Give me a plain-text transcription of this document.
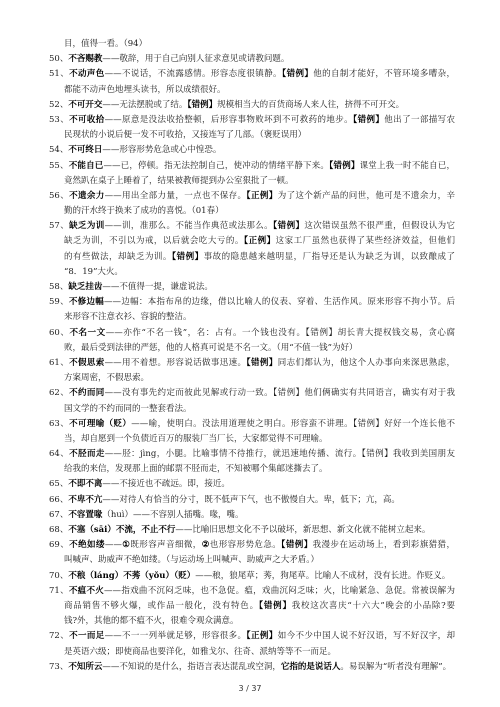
目，值得一看。（94）
50、不吝赐教——敬辞，用于自己向别人征求意见或请教问题。
51、不动声色——不说话，不流露感情。形容态度很镇静。【错例】他的自制才能好，不管环境多嘈杂，
都能不动声色地埋头读书，所以成绩很好。
52、不可开交——无法摆脱或了结。【错例】规模相当大的百货商场人来人往，挤得不可开交。
53、不可收拾——原意是没法收拾整顿，后形容事物败坏到不可救药的地步。【错例】他出了一部描写农
民现状的小说后便一发不可收拾，又接连写了几部。（褒贬误用）
54、不可终日——形容形势危急或心中惶恐。
55、不能自已——已，停顿。指无法控制自己，使冲动的情绪平静下来。【错例】课堂上我一时不能自已，
竟然趴在桌子上睡着了，结果被教师提到办公室狠批了一顿。
56、不遗余力——用出全部力量，一点也不保存。【正例】为了这个新产品的问世，他可是不遗余力，辛
勤的汗水终于换来了成功的喜悦。（01春）
57、缺乏为训——训，准那么。不能当作典范或法那么。【错例】这次错误虽然不很严重，但假设认为它
缺乏为训，不引以为戒，以后就会吃大亏的。【正例】这家工厂虽然也获得了某些经济效益，但他们
的有些做法，却缺乏为训。【错例】事故的隐患越来越明显，厂指导还是认为缺乏为训，以致酿成了
“8．19”大火。
58、缺乏挂齿——不值得一提，谦虚说法。
59、不修边幅——边幅：本指布帛的边缘，借以比喻人的仪表、穿着、生活作风。原来形容不拘小节。后
来形容不注意衣衫、容貌的整洁。
60、不名一文——亦作“不名一钱”，名：占有。一个钱也没有。【错例】胡长青大提权钱交易，贪心腐
败，最后受到法律的严惩，他的人格真可说是不名一文。（用“不值一钱”为好）
61、不假思索——用不着想。形容说话做事迅速。【错例】同志们都认为，他这个人办事向来深思熟虑，
方案周密，不假思索。
62、不约而同——没有事先约定而彼此见解或行动一致。【错例】他们俩确实有共同语言，确实有对于我
国文学的不约而同的一整套看法。
63、不可理喻（贬）——喻，使明白。没法用道理使之明白。形容蛮不讲理。【错例】好好一个连长他不
当，却自愿到一个负债近百万的服装厂当厂长，大家都觉得不可理喻。
64、不胫而走——胫：jìng，小腿。比喻事情不待推行，就迅速地传播、流行。【错例】我收到美国朋友
给我的来信，发现那上面的邮票不胫而走，不知被哪个集邮迷撕去了。
65、不即不离——不接近也不疏远。即，接近。
66、不卑不亢——对待人有恰当的分寸，既不低声下气，也不傲慢自大。卑，低下；亢，高。
67、不容置喙（huì）——不容别人插嘴。喙，嘴。
68、不塞（sāi）不流，不止不行——比喻旧思想文化不予以破坏，新思想、新文化就不能树立起来。
69、不绝如缕——①既形容声音细微，②也形容形势危急。【错例】我漫步在运动场上，看到彩旗猎猎，
叫喊声、助威声不绝如缕。（与运动场上叫喊声、助威声之大矛盾。）
70、不稂（láng）不莠（yǒu）（贬）——稂，狼尾草；莠，狗尾草。比喻人不成材，没有长进。作贬义。
71、不瘟不火——指戏曲不沉闷乏味，也不急促。瘟，戏曲沉闷乏味；火，比喻紧急、急促。常被误解为
商品销售不够火爆，或作品一般化，没有特色。【错例】我校这次喜庆“十六大”晚会的小品除?要
钱?外，其他的都不瘟不火，很难令观众满意。
72、不一而足——不一一列举就足够，形容很多。【正例】如今不少中国人说不好汉语，写不好汉字，却
是英语六级；即使商品也要洋化，如雅戈尔、往奇、派纳等等不一而足。
73、不知所云——不知说的是什么，指语言表达混乱或空洞，它指的是说话人。易误解为“听者没有理解”。
3 / 37
